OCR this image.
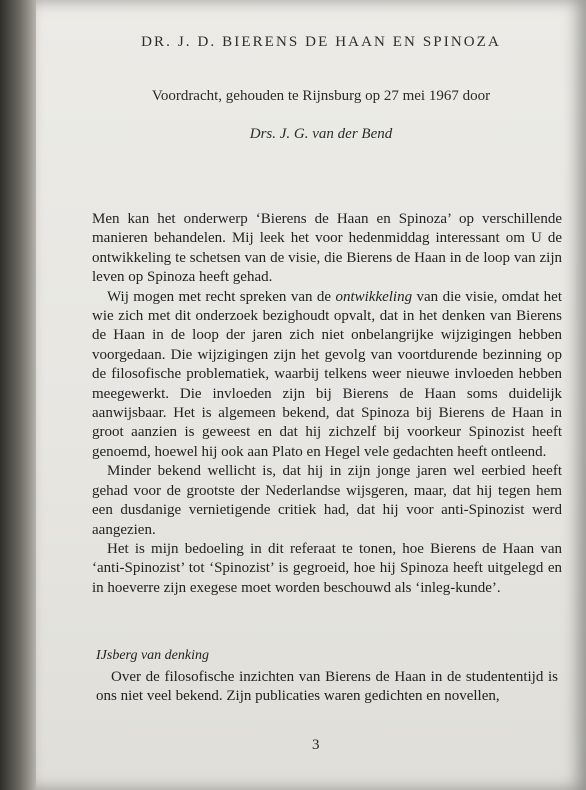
DR. J. D. BIERENS DE HAAN EN SPINOZA
Voordracht, gehouden te Rijnsburg op 27 mei 1967 door
Drs. J. G. van der Bend

Men kan het onderwerp ‘Bierens de Haan en Spinoza’ op verschillende manieren behandelen. Mij leek het voor hedenmiddag interessant om U de ontwikkeling te schetsen van de visie, die Bierens de Haan in de loop van zijn leven op Spinoza heeft gehad.

Wij mogen met recht spreken van de ontwikkeling van die visie, omdat het wie zich met dit onderzoek bezighoudt opvalt, dat in het denken van Bierens de Haan in de loop der jaren zich niet onbelangrijke wijzigingen hebben voorgedaan. Die wijzigingen zijn het gevolg van voortdurende bezinning op de filosofische problematiek, waarbij telkens weer nieuwe invloeden hebben meegewerkt. Die invloeden zijn bij Bierens de Haan soms duidelijk aanwijsbaar. Het is algemeen bekend, dat Spinoza bij Bierens de Haan in groot aanzien is geweest en dat hij zichzelf bij voorkeur Spinozist heeft genoemd, hoewel hij ook aan Plato en Hegel vele gedachten heeft ontleend.

Minder bekend wellicht is, dat hij in zijn jonge jaren wel eerbied heeft gehad voor de grootste der Nederlandse wijsgeren, maar, dat hij tegen hem een dusdanige vernietigende critiek had, dat hij voor anti-Spinozist werd aangezien.

Het is mijn bedoeling in dit referaat te tonen, hoe Bierens de Haan van ‘anti-Spinozist’ tot ‘Spinozist’ is gegroeid, hoe hij Spinoza heeft uitgelegd en in hoeverre zijn exegese moet worden beschouwd als ‘inleg-kunde’.

IJsberg van denking

Over de filosofische inzichten van Bierens de Haan in de studententijd is ons niet veel bekend. Zijn publicaties waren gedichten en novellen,

3
